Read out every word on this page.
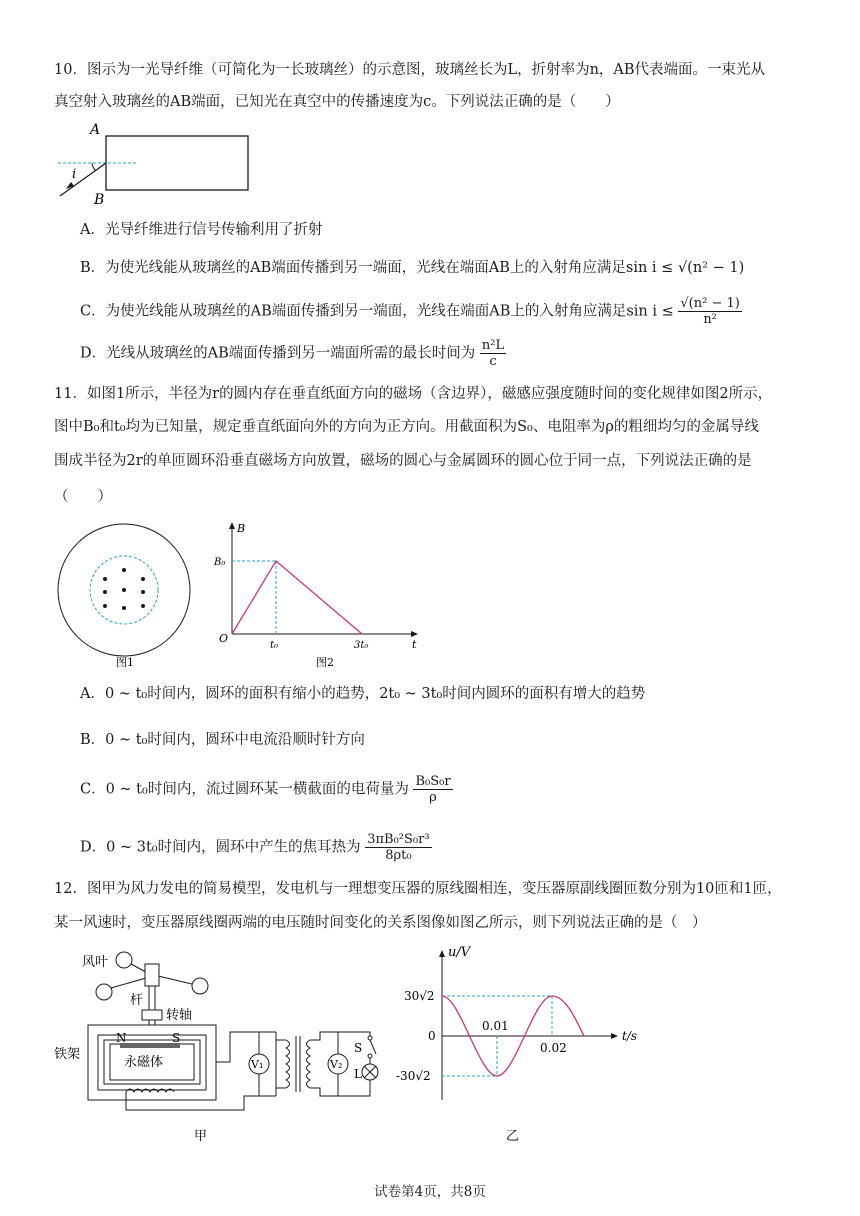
10．图示为一光导纤维（可简化为一长玻璃丝）的示意图，玻璃丝长为L，折射率为n，AB代表端面。一束光从
真空射入玻璃丝的AB端面，已知光在真空中的传播速度为c。下列说法正确的是（　　）
A
B
i
A．光导纤维进行信号传输利用了折射
B．为使光线能从玻璃丝的AB端面传播到另一端面，光线在端面AB上的入射角应满足sin i ≤ √(n² − 1)
C．为使光线能从玻璃丝的AB端面传播到另一端面，光线在端面AB上的入射角应满足$\sin i \le \frac{\text{√(n² − 1)}}{\text{n²}}$
D．光线从玻璃丝的AB端面传播到另一端面所需的最长时间为 $\frac{\text{n²L}}{c}$
11．如图1所示，半径为r的圆内存在垂直纸面方向的磁场（含边界），磁感应强度随时间的变化规律如图2所示，
图中B₀和t₀均为已知量，规定垂直纸面向外的方向为正方向。用截面积为S₀、电阻率为ρ的粗细均匀的金属导线
围成半径为2r的单匝圆环沿垂直磁场方向放置，磁场的圆心与金属圆环的圆心位于同一点，下列说法正确的是
（　　）
图1
B
t
O
B₀
t₀	3t₀
图2
A．0 ~ t₀时间内，圆环的面积有缩小的趋势，2t₀ ~ 3t₀时间内圆环的面积有增大的趋势
B．0 ~ t₀时间内，圆环中电流沿顺时针方向
C．0 ~ t₀时间内，流过圆环某一横截面的电荷量为 $\frac{\text{B₀S₀r}}{\rho}$
D．0 ~ 3t₀时间内，圆环中产生的焦耳热为 $\frac{\text{3πB₀²S₀r³}}{\text{8ρt₀}}$
12．图甲为风力发电的简易模型，发电机与一理想变压器的原线圈相连，变压器原副线圈匝数分别为10匝和1匝，
某一风速时，变压器原线圈两端的电压随时间变化的关系图像如图乙所示，则下列说法正确的是（　）
风叶
杆
转轴
铁架
N	S
永磁体	V₁	V₂
S
L
甲
u/V
t/s
30√2
0
-30√2
0.01
0.02
乙
试卷第4页，共8页
